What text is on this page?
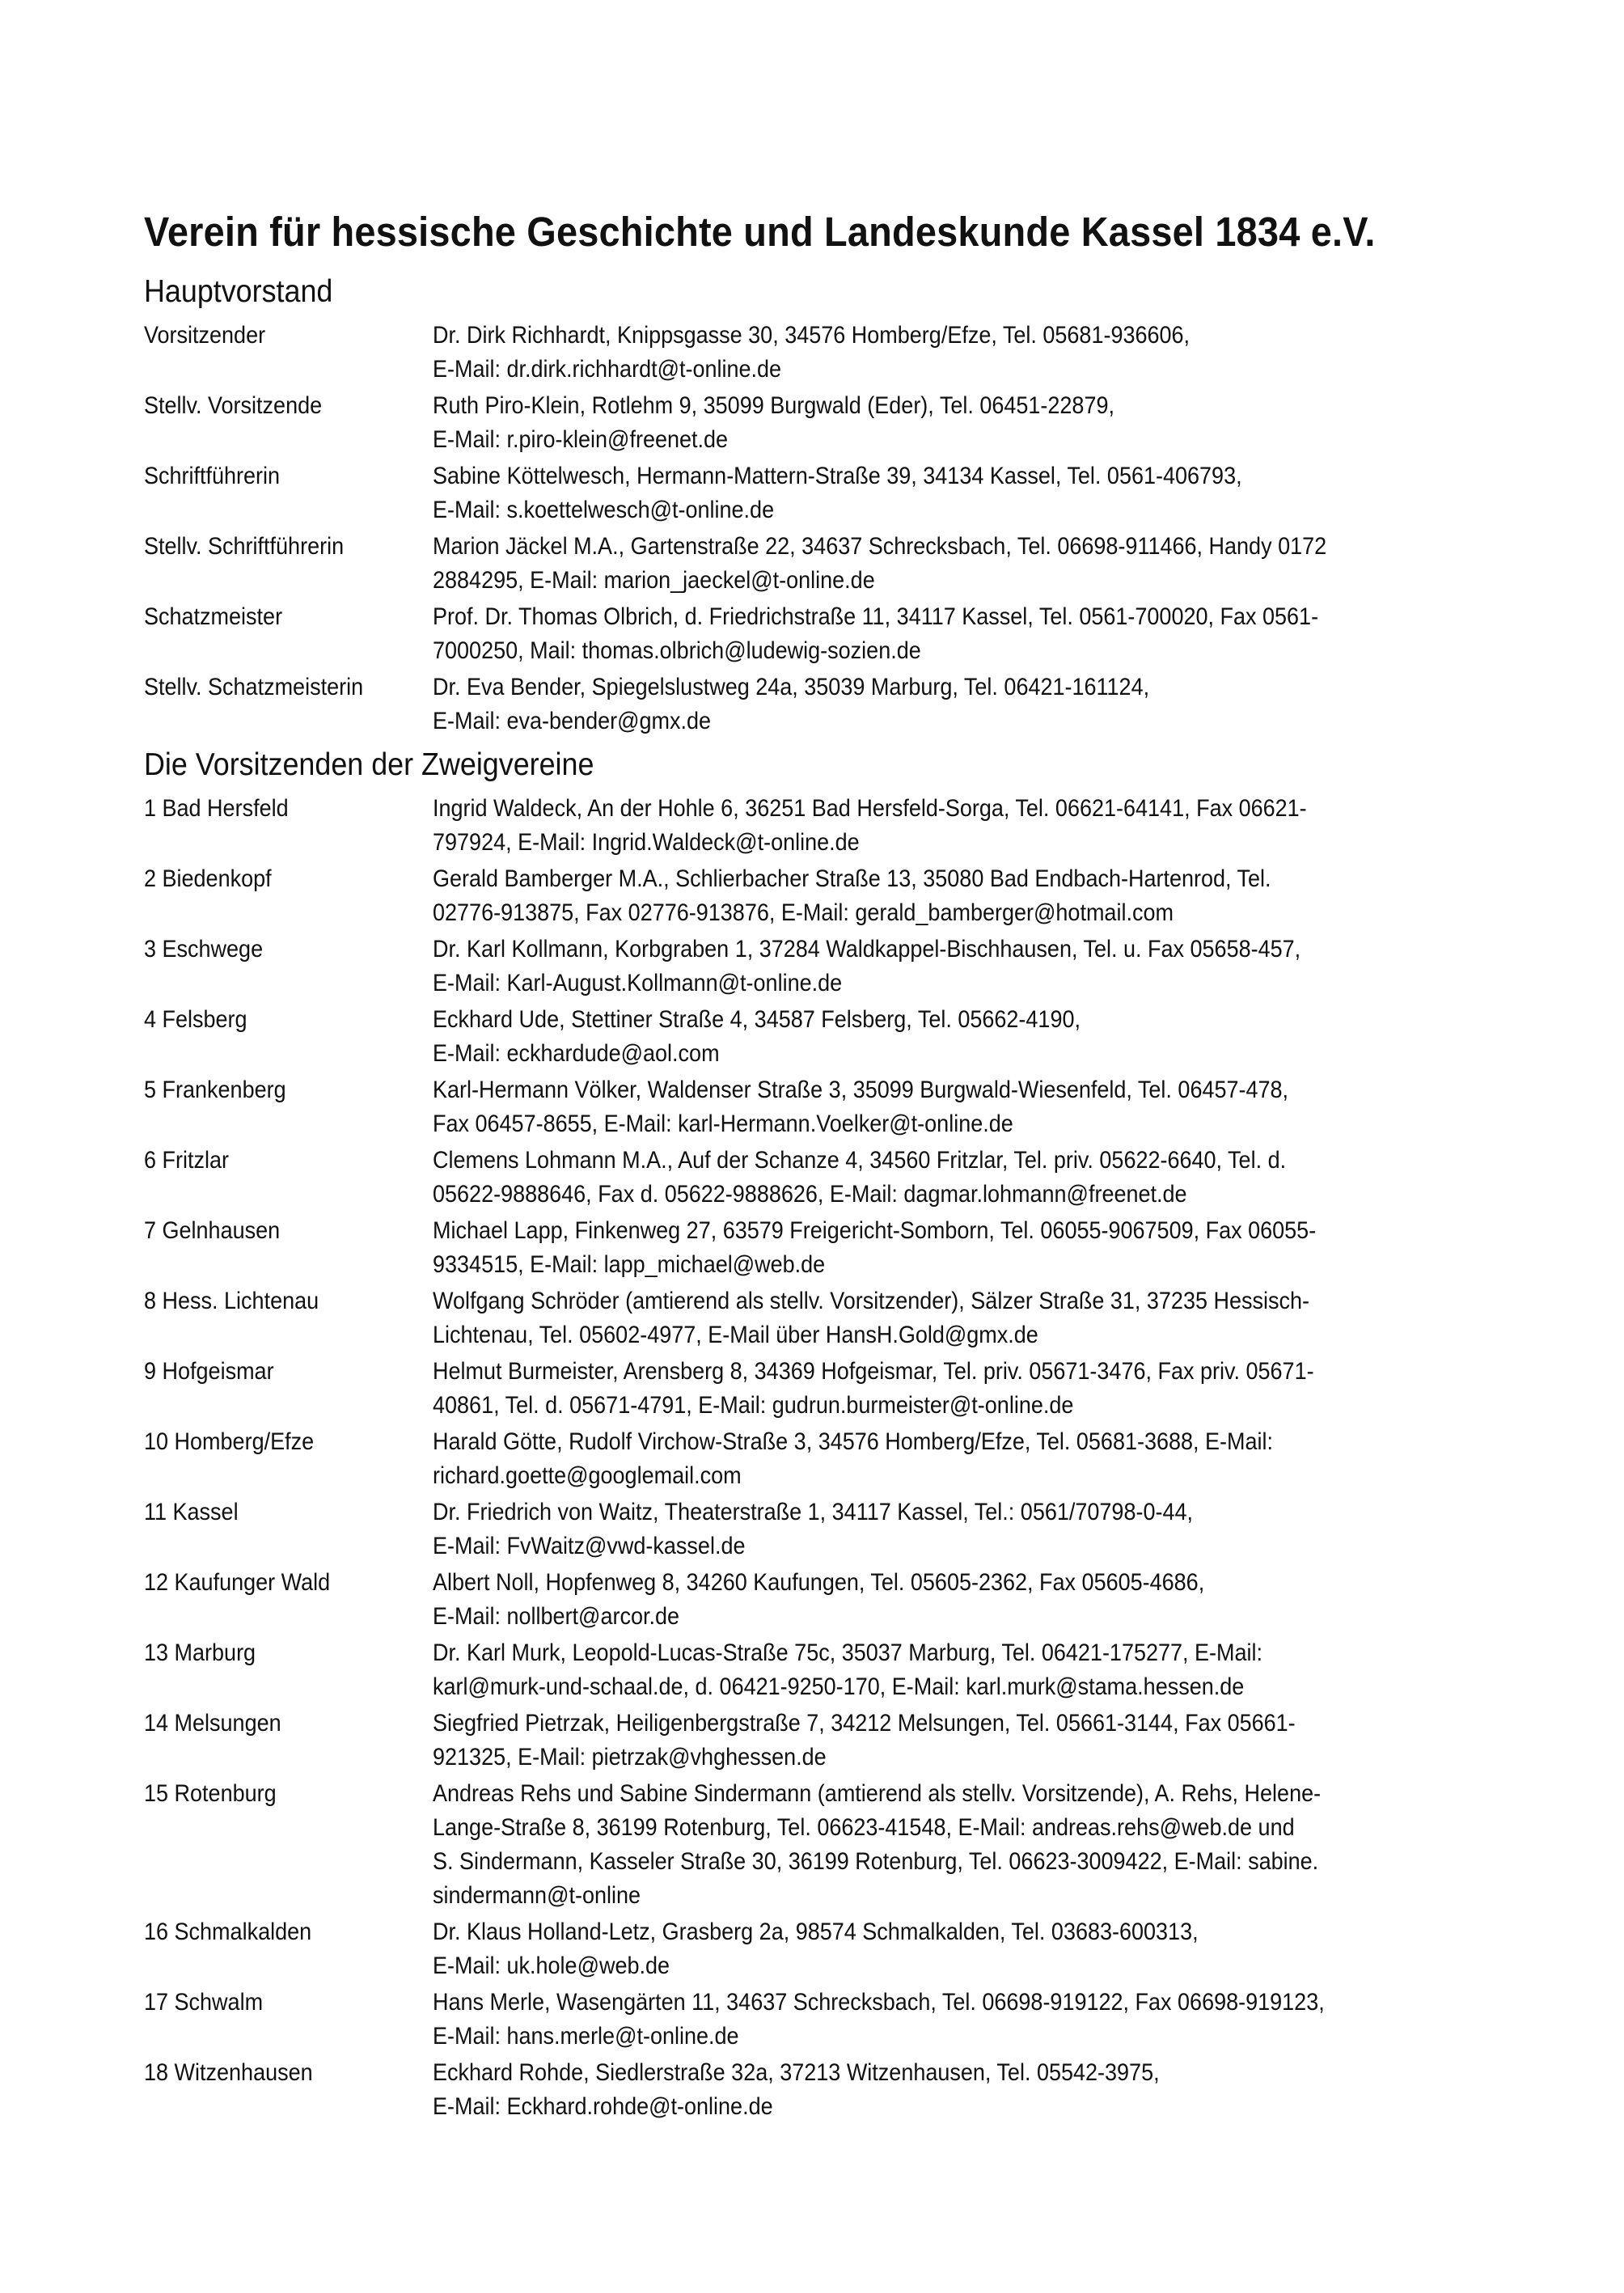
Verein für hessische Geschichte und Landeskunde Kassel 1834 e.V.
Hauptvorstand
Vorsitzender	Dr. Dirk Richhardt, Knippsgasse 30, 34576 Homberg/Efze, Tel. 05681-936606,
E-Mail: dr.dirk.richhardt@t-online.de
Stellv. Vorsitzende	Ruth Piro-Klein, Rotlehm 9, 35099 Burgwald (Eder), Tel. 06451-22879,
E-Mail: r.piro-klein@freenet.de
Schriftführerin	Sabine Köttelwesch, Hermann-Mattern-Straße 39, 34134 Kassel, Tel. 0561-406793,
E-Mail: s.koettelwesch@t-online.de
Stellv. Schriftführerin	Marion Jäckel M.A., Gartenstraße 22, 34637 Schrecksbach, Tel. 06698-911466, Handy 0172
2884295, E-Mail: marion_jaeckel@t-online.de
Schatzmeister	Prof. Dr. Thomas Olbrich, d. Friedrichstraße 11, 34117 Kassel, Tel. 0561-700020, Fax 0561-
7000250, Mail: thomas.olbrich@ludewig-sozien.de
Stellv. Schatzmeisterin	Dr. Eva Bender, Spiegelslustweg 24a, 35039 Marburg, Tel. 06421-161124,
E-Mail: eva-bender@gmx.de
Die Vorsitzenden der Zweigvereine
1 Bad Hersfeld	Ingrid Waldeck, An der Hohle 6, 36251 Bad Hersfeld-Sorga, Tel. 06621-64141, Fax 06621-
797924, E-Mail: Ingrid.Waldeck@t-online.de
2 Biedenkopf	Gerald Bamberger M.A., Schlierbacher Straße 13, 35080 Bad Endbach-Hartenrod, Tel.
02776-913875, Fax 02776-913876, E-Mail: gerald_bamberger@hotmail.com
3 Eschwege	Dr. Karl Kollmann, Korbgraben 1, 37284 Waldkappel-Bischhausen, Tel. u. Fax 05658-457,
E-Mail: Karl-August.Kollmann@t-online.de
4 Felsberg	Eckhard Ude, Stettiner Straße 4, 34587 Felsberg, Tel. 05662-4190,
E-Mail: eckhardude@aol.com
5 Frankenberg	Karl-Hermann Völker, Waldenser Straße 3, 35099 Burgwald-Wiesenfeld, Tel. 06457-478,
Fax 06457-8655, E-Mail: karl-Hermann.Voelker@t-online.de
6 Fritzlar	Clemens Lohmann M.A., Auf der Schanze 4, 34560 Fritzlar, Tel. priv. 05622-6640, Tel. d.
05622-9888646, Fax d. 05622-9888626, E-Mail: dagmar.lohmann@freenet.de
7 Gelnhausen	Michael Lapp, Finkenweg 27, 63579 Freigericht-Somborn, Tel. 06055-9067509, Fax 06055-
9334515, E-Mail: lapp_michael@web.de
8 Hess. Lichtenau	Wolfgang Schröder (amtierend als stellv. Vorsitzender), Sälzer Straße 31, 37235 Hessisch-
Lichtenau, Tel. 05602-4977, E-Mail über HansH.Gold@gmx.de
9 Hofgeismar	Helmut Burmeister, Arensberg 8, 34369 Hofgeismar, Tel. priv. 05671-3476, Fax priv. 05671-
40861, Tel. d. 05671-4791, E-Mail: gudrun.burmeister@t-online.de
10 Homberg/Efze	Harald Götte, Rudolf Virchow-Straße 3, 34576 Homberg/Efze, Tel. 05681-3688, E-Mail:
richard.goette@googlemail.com
11 Kassel	Dr. Friedrich von Waitz, Theaterstraße 1, 34117 Kassel, Tel.: 0561/70798-0-44,
E-Mail: FvWaitz@vwd-kassel.de
12 Kaufunger Wald	Albert Noll, Hopfenweg 8, 34260 Kaufungen, Tel. 05605-2362, Fax 05605-4686,
E-Mail: nollbert@arcor.de
13 Marburg	Dr. Karl Murk, Leopold-Lucas-Straße 75c, 35037 Marburg, Tel. 06421-175277, E-Mail:
karl@murk-und-schaal.de, d. 06421-9250-170, E-Mail: karl.murk@stama.hessen.de
14 Melsungen	Siegfried Pietrzak, Heiligenbergstraße 7, 34212 Melsungen, Tel. 05661-3144, Fax 05661-
921325, E-Mail: pietrzak@vhghessen.de
15 Rotenburg	Andreas Rehs und Sabine Sindermann (amtierend als stellv. Vorsitzende), A. Rehs, Helene-
Lange-Straße 8, 36199 Rotenburg, Tel. 06623-41548, E-Mail: andreas.rehs@web.de und
S. Sindermann, Kasseler Straße 30, 36199 Rotenburg, Tel. 06623-3009422, E-Mail: sabine.
sindermann@t-online
16 Schmalkalden	Dr. Klaus Holland-Letz, Grasberg 2a, 98574 Schmalkalden, Tel. 03683-600313,
E-Mail: uk.hole@web.de
17 Schwalm	Hans Merle, Wasengärten 11, 34637 Schrecksbach, Tel. 06698-919122, Fax 06698-919123,
E-Mail: hans.merle@t-online.de
18 Witzenhausen	Eckhard Rohde, Siedlerstraße 32a, 37213 Witzenhausen, Tel. 05542-3975,
E-Mail: Eckhard.rohde@t-online.de
